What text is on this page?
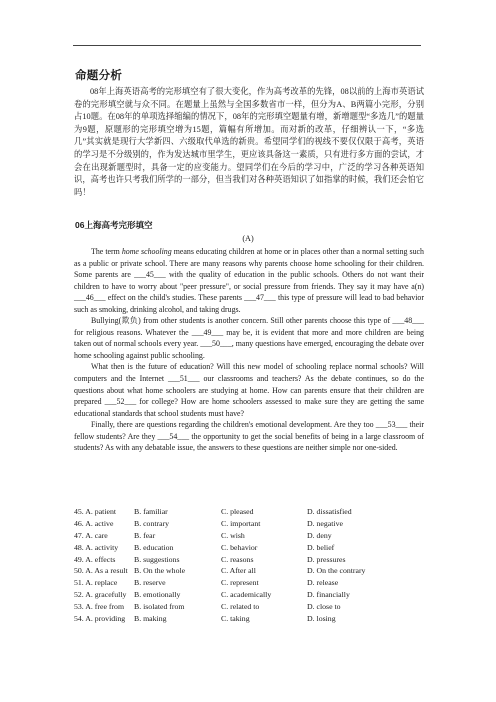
命题分析
08年上海英语高考的完形填空有了很大变化，作为高考改革的先锋，08以前的上海市英语试卷的完形填空就与众不同。在题量上虽然与全国多数省市一样，但分为A、B两篇小完形，分别占10题。在08年的单项选择缩编的情况下，08年的完形填空题量有增，新增题型“多选几”的题量为9题，原题形的完形填空增为15题，篇幅有所增加。而对新的改革，仔细辨认一下，“多选几”其实就是现行大学新四、六级取代单选的新贵。希望同学们的视线不要仅仅限于高考，英语的学习是不分级别的，作为发达城市里学生，更应该具备这一素质，只有进行多方面的尝试，才会在出现新题型时，具备一定的应变能力。望同学们在今后的学习中，广泛的学习各种英语知识，高考也许只考我们所学的一部分，但当我们对各种英语知识了如指掌的时候，我们还会怕它吗！
06上海高考完形填空
(A)

The term home schooling means educating children at home or in places other than a normal setting such as a public or private school. There are many reasons why parents choose home schooling for their children. Some parents are ___45___ with the quality of education in the public schools. Others do not want their children to have to worry about "peer pressure", or social pressure from friends. They say it may have a(n) ___46___ effect on the child's studies. These parents ___47___ this type of pressure will lead to bad behavior such as smoking, drinking alcohol, and taking drugs.

Bullying(欺负) from other students is another concern. Still other parents choose this type of ___48___ for religious reasons. Whatever the ___49___ may be, it is evident that more and more children are being taken out of normal schools every year. ___50___, many questions have emerged, encouraging the debate over home schooling against public schooling.

What then is the future of education? Will this new model of schooling replace normal schools? Will computers and the Internet ___51___ our classrooms and teachers? As the debate continues, so do the questions about what home schoolers are studying at home. How can parents ensure that their children are prepared ___52___ for college? How are home schoolers assessed to make sure they are getting the same educational standards that school students must have?

Finally, there are questions regarding the children's emotional development. Are they too ___53___ their fellow students? Are they ___54___ the opportunity to get the social benefits of being in a large classroom of students? As with any debatable issue, the answers to these questions are neither simple nor one-sided.

45. A. patient	B. familiar	C. pleased	D. dissatisfied
46. A. active	B. contrary	C. important	D. negative
47. A. care	B. fear	C. wish	D. deny
48. A. activity	B. education	C. behavior	D. belief
49. A. effects	B. suggestions	C. reasons	D. pressures
50. A. As a result B. On the whole	C. After all	D. On the contrary
51. A. replace	B. reserve	C. represent	D. release
52. A. gracefully B. emotionally	C. academically	D. financially
53. A. free from	B. isolated from	C. related to	D. close to
54. A. providing	B. making	C. taking	D. losing
